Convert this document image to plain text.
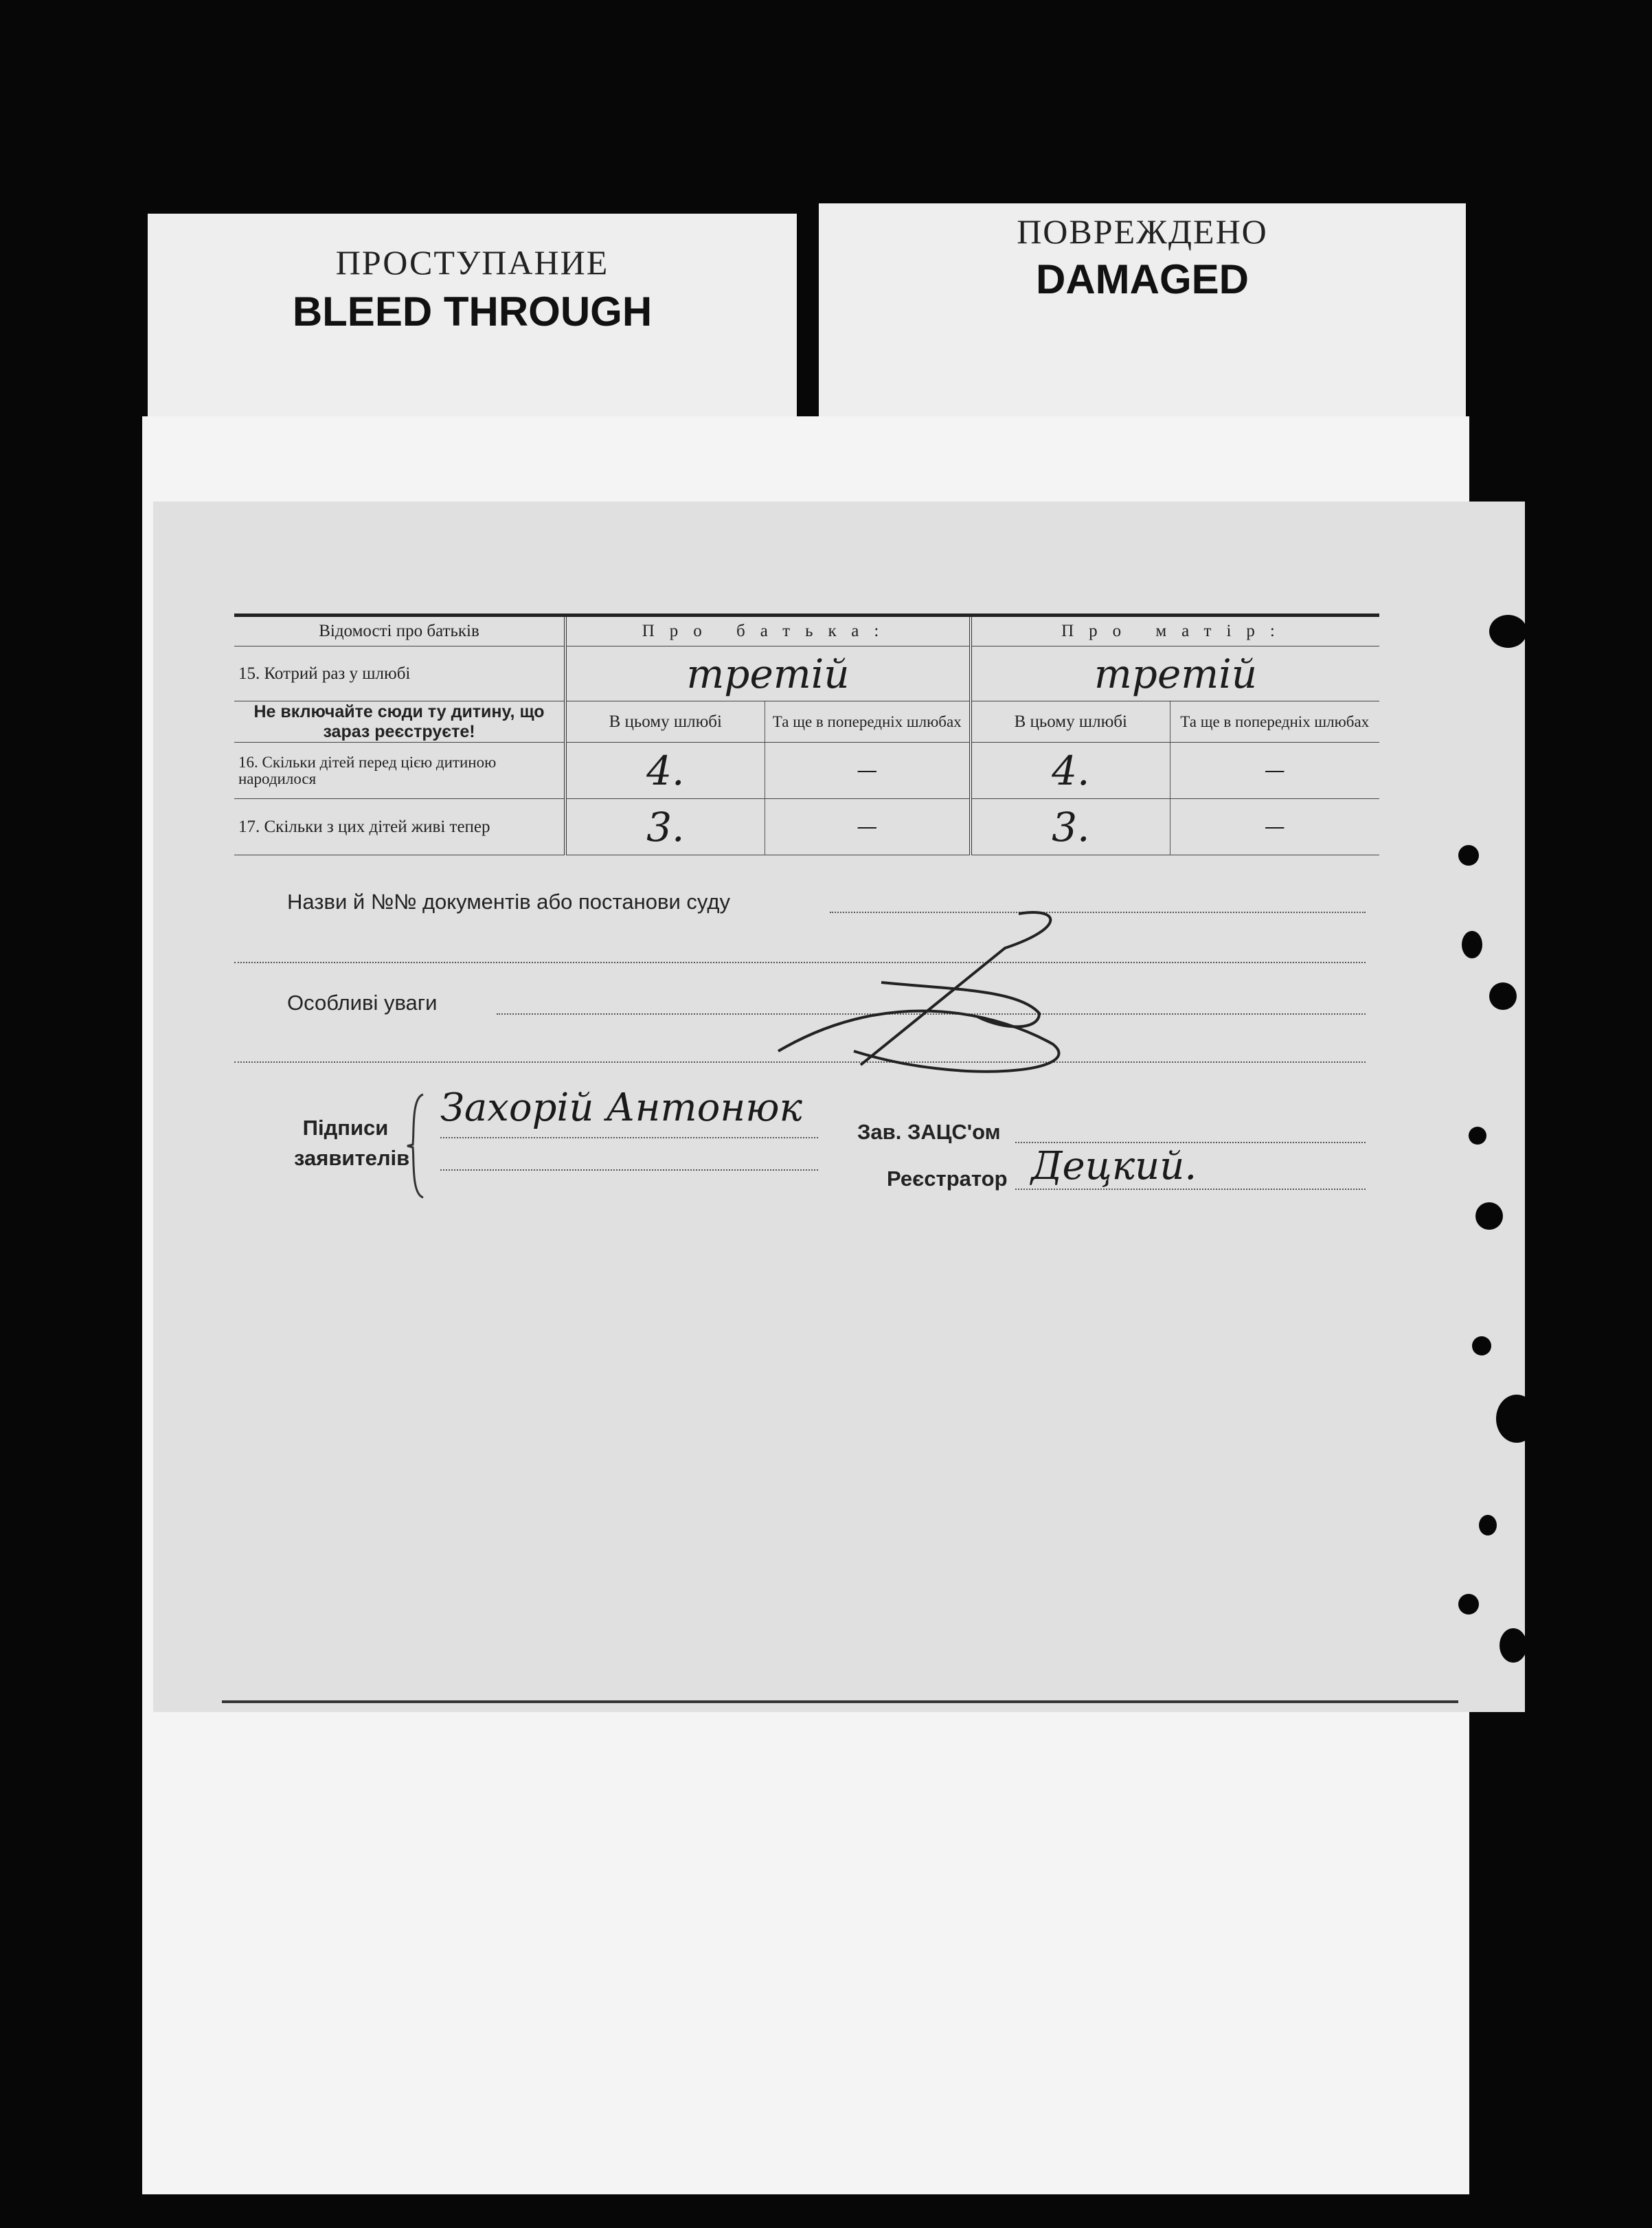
ПРОСТУПАНИЕ
BLEED THROUGH
ПОВРЕЖДЕНО
DAMAGED
Відомості про батьків	Про батька:		Про матір:	
15. Котрий раз у шлюбі	третій		третій	
Не включайте сюди ту дитину, що зараз реєструєте!	В цьому шлюбі	Та ще в попередніх шлюбах	В цьому шлюбі	Та ще в попередніх шлюбах
16. Скільки дітей перед цією дитиною народилося	4.	—	4.	—
17. Скільки з цих дітей живі тепер	3.	—	3.	—
Назви й №№ документів або постанови суду
Особливі уваги
Підписи заявителів
Захорій Антонюк
Зав. ЗАЦС'ом
Реєстратор Децкий.
